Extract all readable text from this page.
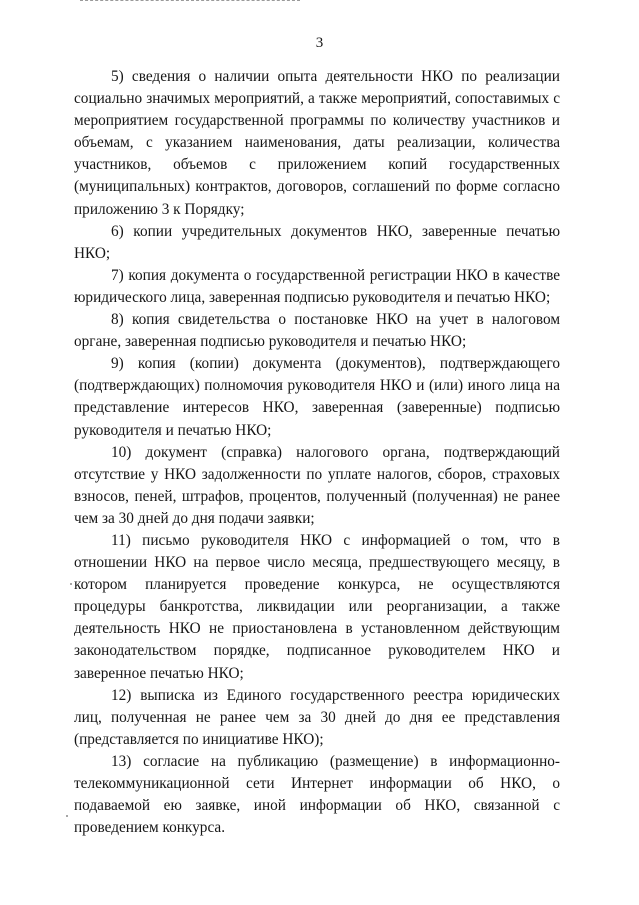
3

5) сведения о наличии опыта деятельности НКО по реализации социально значимых мероприятий, а также мероприятий, сопоставимых с мероприятием государственной программы по количеству участников и объемам, с указанием наименования, даты реализации, количества участников, объемов с приложением копий государственных (муниципальных) контрактов, договоров, соглашений по форме согласно приложению 3 к Порядку;

6) копии учредительных документов НКО, заверенные печатью НКО;

7) копия документа о государственной регистрации НКО в качестве юридического лица, заверенная подписью руководителя и печатью НКО;

8) копия свидетельства о постановке НКО на учет в налоговом органе, заверенная подписью руководителя и печатью НКО;

9) копия (копии) документа (документов), подтверждающего (подтверждающих) полномочия руководителя НКО и (или) иного лица на представление интересов НКО, заверенная (заверенные) подписью руководителя и печатью НКО;

10) документ (справка) налогового органа, подтверждающий отсутствие у НКО задолженности по уплате налогов, сборов, страховых взносов, пеней, штрафов, процентов, полученный (полученная) не ранее чем за 30 дней до дня подачи заявки;

11) письмо руководителя НКО с информацией о том, что в отношении НКО на первое число месяца, предшествующего месяцу, в котором планируется проведение конкурса, не осуществляются процедуры банкротства, ликвидации или реорганизации, а также деятельность НКО не приостановлена в установленном действующим законодательством порядке, подписанное руководителем НКО и заверенное печатью НКО;

12) выписка из Единого государственного реестра юридических лиц, полученная не ранее чем за 30 дней до дня ее представления (представляется по инициативе НКО);

13) согласие на публикацию (размещение) в информационно-телекоммуникационной сети Интернет информации об НКО, о подаваемой ею заявке, иной информации об НКО, связанной с проведением конкурса.
